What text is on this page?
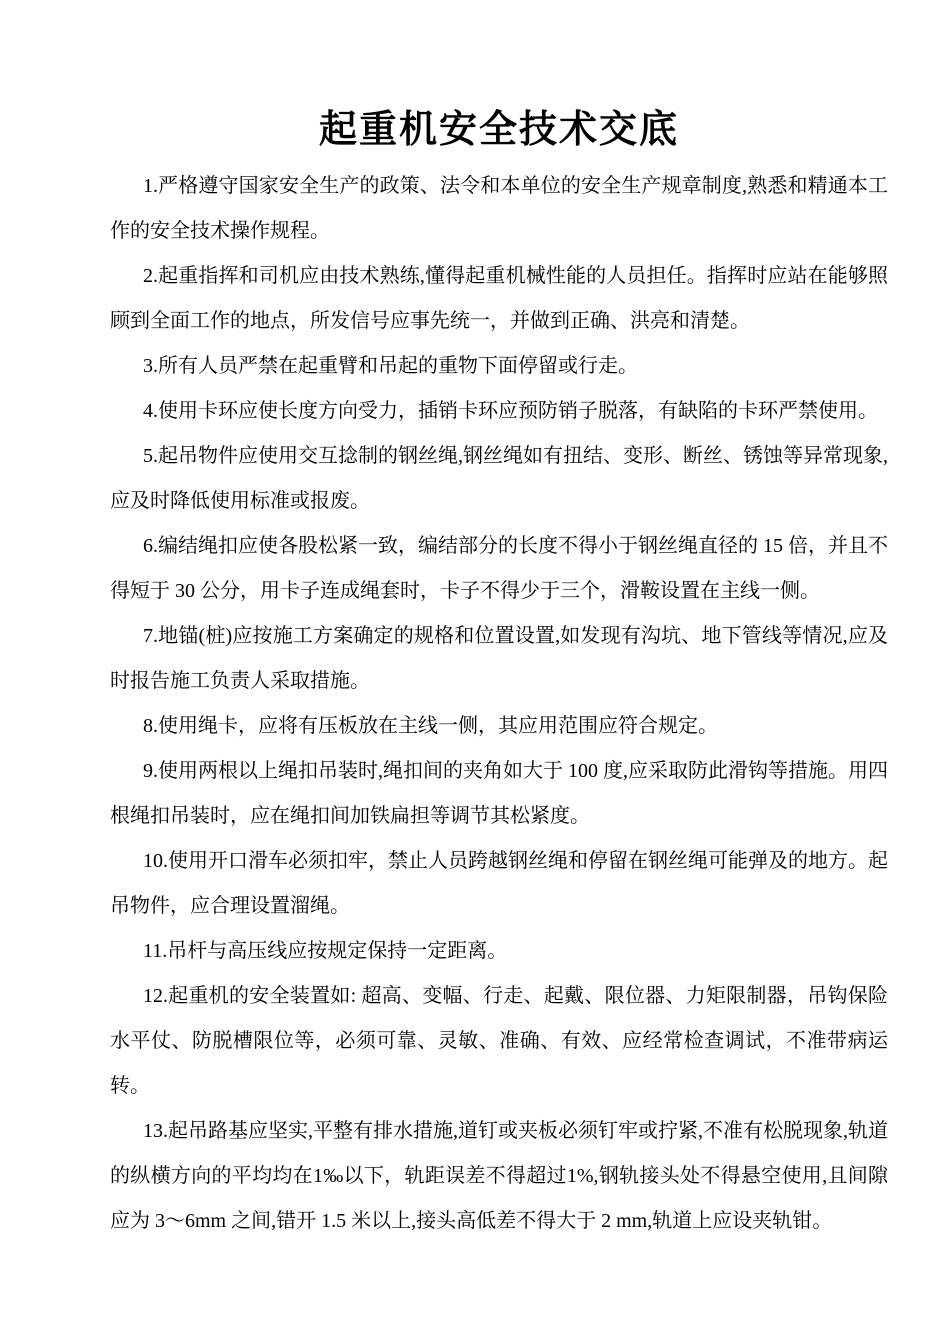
起重机安全技术交底

1.严格遵守国家安全生产的政策、法令和本单位的安全生产规章制度,熟悉和精通本工作的安全技术操作规程。

2.起重指挥和司机应由技术熟练,懂得起重机械性能的人员担任。指挥时应站在能够照顾到全面工作的地点，所发信号应事先统一，并做到正确、洪亮和清楚。

3.所有人员严禁在起重臂和吊起的重物下面停留或行走。

4.使用卡环应使长度方向受力，插销卡环应预防销子脱落，有缺陷的卡环严禁使用。

5.起吊物件应使用交互捻制的钢丝绳,钢丝绳如有扭结、变形、断丝、锈蚀等异常现象,应及时降低使用标准或报废。

6.编结绳扣应使各股松紧一致，编结部分的长度不得小于钢丝绳直径的 15 倍，并且不得短于 30 公分，用卡子连成绳套时，卡子不得少于三个，滑鞍设置在主线一侧。

7.地锚(桩)应按施工方案确定的规格和位置设置,如发现有沟坑、地下管线等情况,应及时报告施工负责人采取措施。

8.使用绳卡，应将有压板放在主线一侧，其应用范围应符合规定。

9.使用两根以上绳扣吊装时,绳扣间的夹角如大于 100 度,应采取防此滑钩等措施。用四根绳扣吊装时，应在绳扣间加铁扁担等调节其松紧度。

10.使用开口滑车必须扣牢，禁止人员跨越钢丝绳和停留在钢丝绳可能弹及的地方。起吊物件，应合理设置溜绳。

11.吊杆与高压线应按规定保持一定距离。

12.起重机的安全装置如: 超高、变幅、行走、起戴、限位器、力矩限制器，吊钩保险水平仗、防脱槽限位等，必须可靠、灵敏、准确、有效、应经常检查调试，不准带病运转。

13.起吊路基应坚实,平整有排水措施,道钉或夹板必须钉牢或拧紧,不准有松脱现象,轨道的纵横方向的平均均在1‰以下，轨距误差不得超过1%,钢轨接头处不得悬空使用,且间隙应为 3～6mm 之间,错开 1.5 米以上,接头高低差不得大于 2 mm,轨道上应设夹轨钳。
